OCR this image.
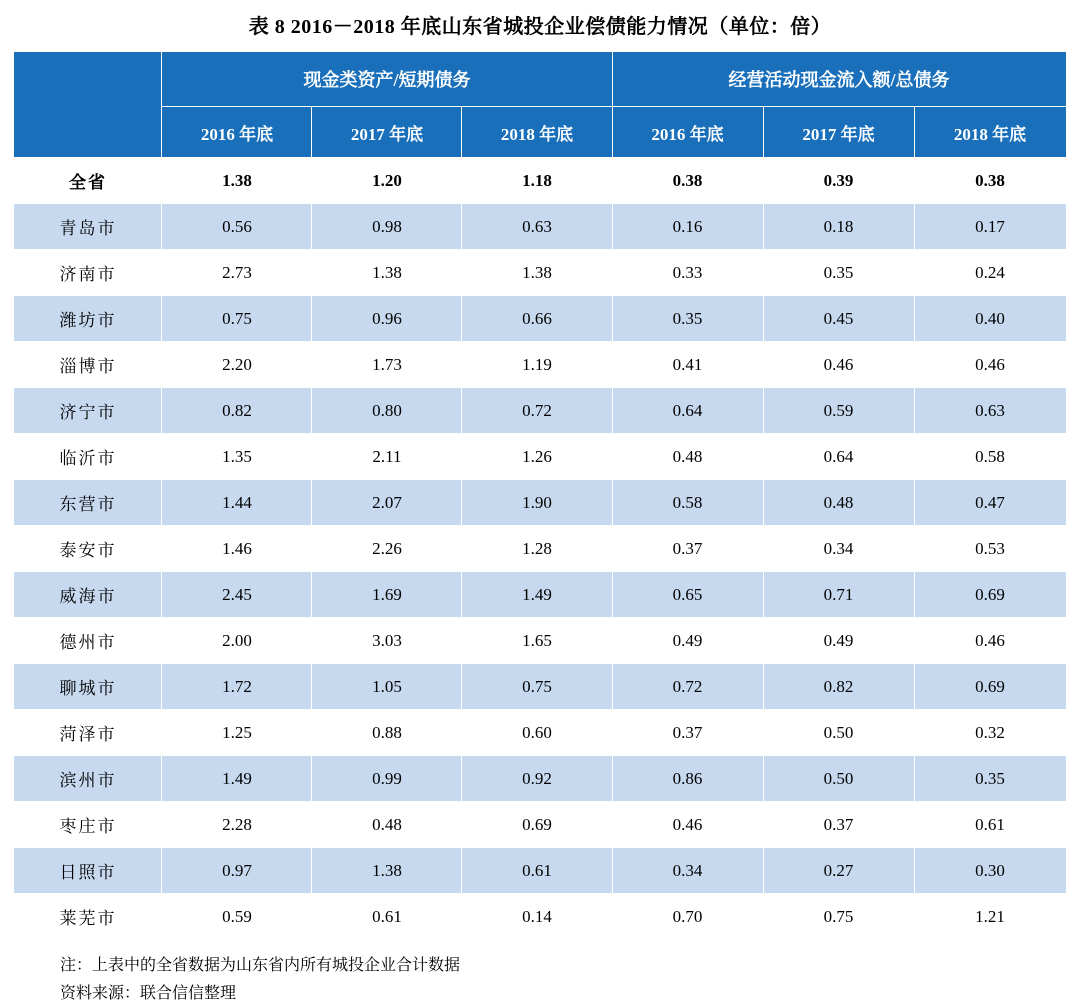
表 8 2016－2018 年底山东省城投企业偿债能力情况（单位：倍）
	现金类资产/短期债务			经营活动现金流入额/总债务		
	2016 年底	2017 年底	2018 年底	2016 年底	2017 年底	2018 年底
全省	1.38	1.20	1.18	0.38	0.39	0.38
青岛市	0.56	0.98	0.63	0.16	0.18	0.17
济南市	2.73	1.38	1.38	0.33	0.35	0.24
潍坊市	0.75	0.96	0.66	0.35	0.45	0.40
淄博市	2.20	1.73	1.19	0.41	0.46	0.46
济宁市	0.82	0.80	0.72	0.64	0.59	0.63
临沂市	1.35	2.11	1.26	0.48	0.64	0.58
东营市	1.44	2.07	1.90	0.58	0.48	0.47
泰安市	1.46	2.26	1.28	0.37	0.34	0.53
威海市	2.45	1.69	1.49	0.65	0.71	0.69
德州市	2.00	3.03	1.65	0.49	0.49	0.46
聊城市	1.72	1.05	0.75	0.72	0.82	0.69
菏泽市	1.25	0.88	0.60	0.37	0.50	0.32
滨州市	1.49	0.99	0.92	0.86	0.50	0.35
枣庄市	2.28	0.48	0.69	0.46	0.37	0.61
日照市	0.97	1.38	0.61	0.34	0.27	0.30
莱芜市	0.59	0.61	0.14	0.70	0.75	1.21
注：上表中的全省数据为山东省内所有城投企业合计数据
资料来源：联合信信整理
